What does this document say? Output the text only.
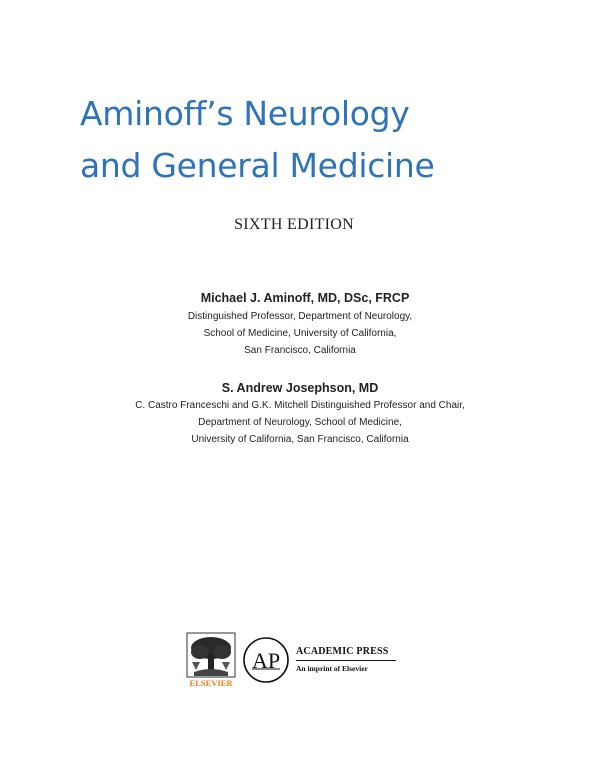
Aminoff’s Neurology
and General Medicine
SIXTH EDITION
Michael J. Aminoff, MD, DSc, FRCP
Distinguished Professor, Department of Neurology,
School of Medicine, University of California,
San Francisco, California
S. Andrew Josephson, MD
C. Castro Franceschi and G.K. Mitchell Distinguished Professor and Chair,
Department of Neurology, School of Medicine,
University of California, San Francisco, California
ELSEVIER
AP ACADEMIC PRESS
An imprint of Elsevier
